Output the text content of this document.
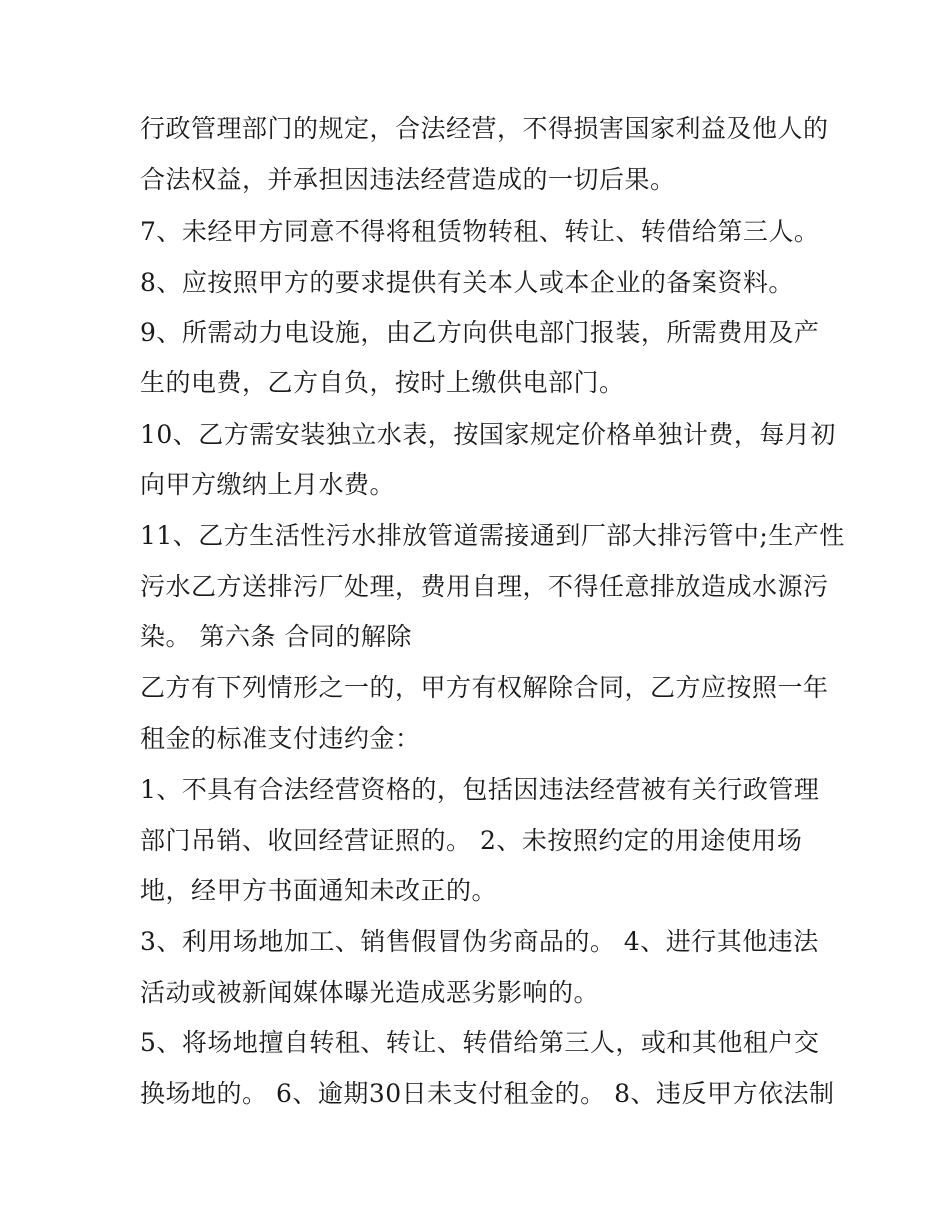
行政管理部门的规定，合法经营，不得损害国家利益及他人的
合法权益，并承担因违法经营造成的一切后果。
7、未经甲方同意不得将租赁物转租、转让、转借给第三人。
8、应按照甲方的要求提供有关本人或本企业的备案资料。
9、所需动力电设施，由乙方向供电部门报装，所需费用及产
生的电费，乙方自负，按时上缴供电部门。
10、乙方需安装独立水表，按国家规定价格单独计费，每月初
向甲方缴纳上月水费。
11、乙方生活性污水排放管道需接通到厂部大排污管中;生产性
污水乙方送排污厂处理，费用自理，不得任意排放造成水源污
染。 第六条 合同的解除
乙方有下列情形之一的，甲方有权解除合同，乙方应按照一年
租金的标准支付违约金：
1、不具有合法经营资格的，包括因违法经营被有关行政管理
部门吊销、收回经营证照的。 2、未按照约定的用途使用场
地，经甲方书面通知未改正的。
3、利用场地加工、销售假冒伪劣商品的。 4、进行其他违法
活动或被新闻媒体曝光造成恶劣影响的。
5、将场地擅自转租、转让、转借给第三人，或和其他租户交
换场地的。 6、逾期30日未支付租金的。 8、违反甲方依法制
